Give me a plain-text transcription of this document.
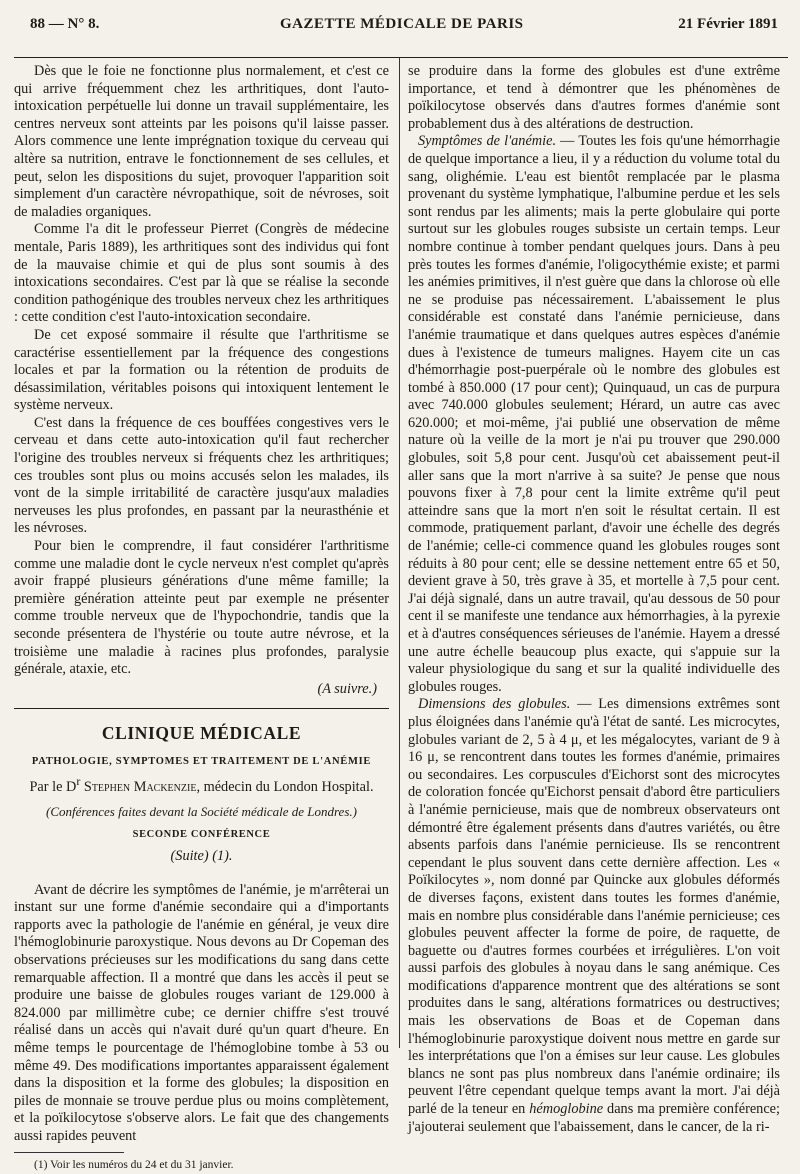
88 — N° 8.	GAZETTE MÉDICALE DE PARIS	21 Février 1891

Dès que le foie ne fonctionne plus normalement, et c'est ce qui arrive fréquemment chez les arthritiques, dont l'auto-intoxication perpétuelle lui donne un travail supplémentaire, les centres nerveux sont atteints par les poisons qu'il laisse passer. Alors commence une lente imprégnation toxique du cerveau qui altère sa nutrition, entrave le fonctionnement de ses cellules, et peut, selon les dispositions du sujet, provoquer l'apparition soit simplement d'un caractère névropathique, soit de névroses, soit de maladies organiques.

Comme l'a dit le professeur Pierret (Congrès de médecine mentale, Paris 1889), les arthritiques sont des individus qui font de la mauvaise chimie et qui de plus sont soumis à des intoxications secondaires. C'est par là que se réalise la seconde condition pathogénique des troubles nerveux chez les arthritiques : cette condition c'est l'auto-intoxication secondaire.

De cet exposé sommaire il résulte que l'arthritisme se caractérise essentiellement par la fréquence des congestions locales et par la formation ou la rétention de produits de désassimilation, véritables poisons qui intoxiquent lentement le système nerveux.

C'est dans la fréquence de ces bouffées congestives vers le cerveau et dans cette auto-intoxication qu'il faut rechercher l'origine des troubles nerveux si fréquents chez les arthritiques; ces troubles sont plus ou moins accusés selon les malades, ils vont de la simple irritabilité de caractère jusqu'aux maladies nerveuses les plus profondes, en passant par la neurasthénie et les névroses.

Pour bien le comprendre, il faut considérer l'arthritisme comme une maladie dont le cycle nerveux n'est complet qu'après avoir frappé plusieurs générations d'une même famille; la première génération atteinte peut par exemple ne présenter comme trouble nerveux que de l'hypochondrie, tandis que la seconde présentera de l'hystérie ou toute autre névrose, et la troisième une maladie à racines plus profondes, paralysie générale, ataxie, etc.

(A suivre.)
CLINIQUE MÉDICALE
PATHOLOGIE, SYMPTOMES ET TRAITEMENT DE L'ANÉMIE
Par le $D^r$ Stephen Mackenzie, médecin du London Hospital.
(Conférences faites devant la Société médicale de Londres.)
SECONDE CONFÉRENCE
(Suite) (1).

Avant de décrire les symptômes de l'anémie, je m'arrêterai un instant sur une forme d'anémie secondaire qui a d'importants rapports avec la pathologie de l'anémie en général, je veux dire l'hémoglobinurie paroxystique. Nous devons au Dr Copeman des observations précieuses sur les modifications du sang dans cette remarquable affection. Il a montré que dans les accès il peut se produire une baisse de globules rouges variant de 129.000 à 824.000 par millimètre cube; ce dernier chiffre s'est trouvé réalisé dans un accès qui n'avait duré qu'un quart d'heure. En même temps le pourcentage de l'hémoglobine tombe à 53 ou même 49. Des modifications importantes apparaissent également dans la disposition et la forme des globules; la disposition en piles de monnaie se trouve perdue plus ou moins complètement, et la poïkilocytose s'observe alors. Le fait que des changements aussi rapides peuvent

(1) Voir les numéros du 24 et du 31 janvier.

se produire dans la forme des globules est d'une extrême importance, et tend à démontrer que les phénomènes de poïkilocytose observés dans d'autres formes d'anémie sont probablement dus à des altérations de destruction.

Symptômes de l'anémie. — Toutes les fois qu'une hémorrhagie de quelque importance a lieu, il y a réduction du volume total du sang, olighémie. L'eau est bientôt remplacée par le plasma provenant du système lymphatique, l'albumine perdue et les sels sont rendus par les aliments; mais la perte globulaire qui porte surtout sur les globules rouges subsiste un certain temps. Leur nombre continue à tomber pendant quelques jours. Dans à peu près toutes les formes d'anémie, l'oligocythémie existe; et parmi les anémies primitives, il n'est guère que dans la chlorose où elle ne se produise pas nécessairement. L'abaissement le plus considérable est constaté dans l'anémie pernicieuse, dans l'anémie traumatique et dans quelques autres espèces d'anémie dues à l'existence de tumeurs malignes. Hayem cite un cas d'hémorrhagie post-puerpérale où le nombre des globules est tombé à 850.000 (17 pour cent); Quinquaud, un cas de purpura avec 740.000 globules seulement; Hérard, un autre cas avec 620.000; et moi-même, j'ai publié une observation de même nature où la veille de la mort je n'ai pu trouver que 290.000 globules, soit 5,8 pour cent. Jusqu'où cet abaissement peut-il aller sans que la mort n'arrive à sa suite? Je pense que nous pouvons fixer à 7,8 pour cent la limite extrême qu'il peut atteindre sans que la mort n'en soit le résultat certain. Il est commode, pratiquement parlant, d'avoir une échelle des degrés de l'anémie; celle-ci commence quand les globules rouges sont réduits à 80 pour cent; elle se dessine nettement entre 65 et 50, devient grave à 50, très grave à 35, et mortelle à 7,5 pour cent. J'ai déjà signalé, dans un autre travail, qu'au dessous de 50 pour cent il se manifeste une tendance aux hémorrhagies, à la pyrexie et à d'autres conséquences sérieuses de l'anémie. Hayem a dressé une autre échelle beaucoup plus exacte, qui s'appuie sur la valeur physiologique du sang et sur la qualité individuelle des globules rouges.

Dimensions des globules. — Les dimensions extrêmes sont plus éloignées dans l'anémie qu'à l'état de santé. Les microcytes, globules variant de 2, 5 à 4 μ, et les mégalocytes, variant de 9 à 16 μ, se rencontrent dans toutes les formes d'anémie, primaires ou secondaires. Les corpuscules d'Eichorst sont des microcytes de coloration foncée qu'Eichorst pensait d'abord être particuliers à l'anémie pernicieuse, mais que de nombreux observateurs ont démontré être également présents dans d'autres variétés, ou être absents parfois dans l'anémie pernicieuse. Ils se rencontrent cependant le plus souvent dans cette dernière affection. Les « Poïkilocytes », nom donné par Quincke aux globules déformés de diverses façons, existent dans toutes les formes d'anémie, mais en nombre plus considérable dans l'anémie pernicieuse; ces globules peuvent affecter la forme de poire, de raquette, de baguette ou d'autres formes courbées et irrégulières. L'on voit aussi parfois des globules à noyau dans le sang anémique. Ces modifications d'apparence montrent que des altérations se sont produites dans le sang, altérations formatrices ou destructives; mais les observations de Boas et de Copeman dans l'hémoglobinurie paroxystique doivent nous mettre en garde sur les interprétations que l'on a émises sur leur cause. Les globules blancs ne sont pas plus nombreux dans l'anémie ordinaire; ils peuvent l'être cependant quelque temps avant la mort. J'ai déjà parlé de la teneur en hémoglobine dans ma première conférence; j'ajouterai seulement que l'abaissement, dans le cancer, de la ri-
